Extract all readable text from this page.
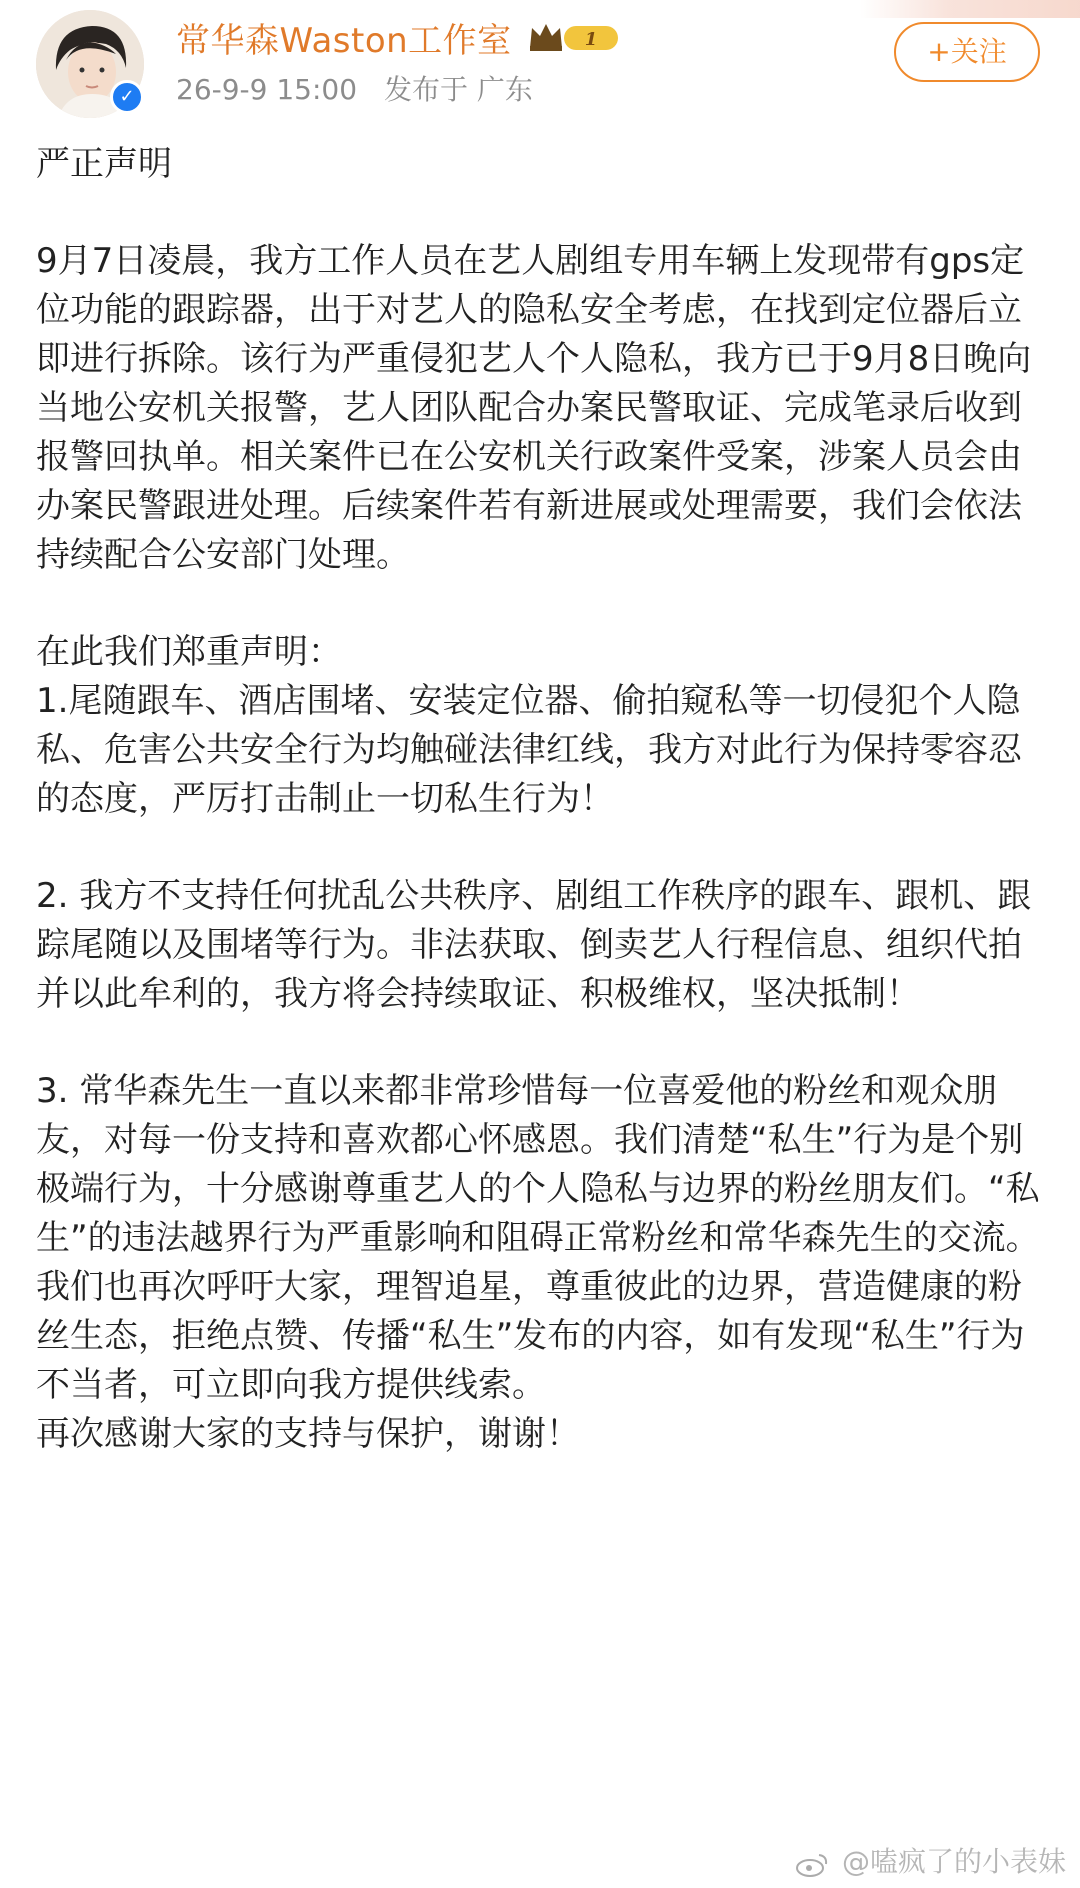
✓
常华森Waston工作室	1
26-9-9 15:00 发布于 广东
+关注

严正声明

9月7日凌晨，我方工作人员在艺人剧组专用车辆上发现带有gps定位功能的跟踪器，出于对艺人的隐私安全考虑，在找到定位器后立即进行拆除。该行为严重侵犯艺人个人隐私，我方已于9月8日晚向当地公安机关报警，艺人团队配合办案民警取证、完成笔录后收到报警回执单。相关案件已在公安机关行政案件受案，涉案人员会由办案民警跟进处理。后续案件若有新进展或处理需要，我们会依法持续配合公安部门处理。

在此我们郑重声明：

1.尾随跟车、酒店围堵、安装定位器、偷拍窥私等一切侵犯个人隐私、危害公共安全行为均触碰法律红线，我方对此行为保持零容忍的态度，严厉打击制止一切私生行为！

2. 我方不支持任何扰乱公共秩序、剧组工作秩序的跟车、跟机、跟踪尾随以及围堵等行为。非法获取、倒卖艺人行程信息、组织代拍并以此牟利的，我方将会持续取证、积极维权，坚决抵制！

3. 常华森先生一直以来都非常珍惜每一位喜爱他的粉丝和观众朋友，对每一份支持和喜欢都心怀感恩。我们清楚“私生”行为是个别极端行为，十分感谢尊重艺人的个人隐私与边界的粉丝朋友们。“私生”的违法越界行为严重影响和阻碍正常粉丝和常华森先生的交流。我们也再次呼吁大家，理智追星，尊重彼此的边界，营造健康的粉丝生态，拒绝点赞、传播“私生”发布的内容，如有发现“私生”行为不当者，可立即向我方提供线索。

再次感谢大家的支持与保护，谢谢！

@嗑疯了的小表妹
